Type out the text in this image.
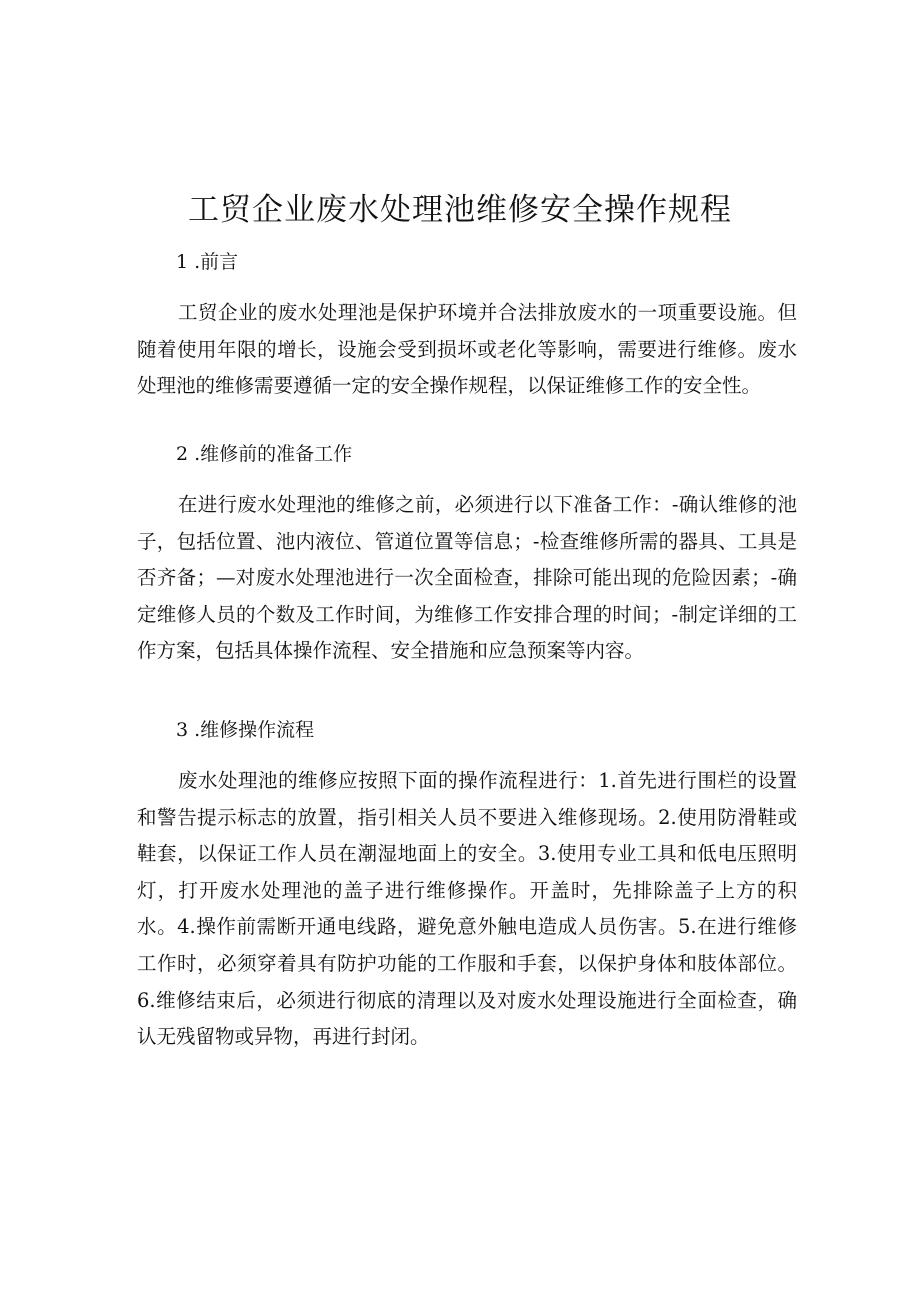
工贸企业废水处理池维修安全操作规程
1 .前言

工贸企业的废水处理池是保护环境并合法排放废水的一项重要设施。但随着使用年限的增长，设施会受到损坏或老化等影响，需要进行维修。废水处理池的维修需要遵循一定的安全操作规程，以保证维修工作的安全性。

2 .维修前的准备工作

在进行废水处理池的维修之前，必须进行以下准备工作：-确认维修的池子，包括位置、池内液位、管道位置等信息；-检查维修所需的器具、工具是否齐备；—对废水处理池进行一次全面检查，排除可能出现的危险因素；-确定维修人员的个数及工作时间，为维修工作安排合理的时间；-制定详细的工作方案，包括具体操作流程、安全措施和应急预案等内容。

3 .维修操作流程

废水处理池的维修应按照下面的操作流程进行：1.首先进行围栏的设置和警告提示标志的放置，指引相关人员不要进入维修现场。2.使用防滑鞋或鞋套，以保证工作人员在潮湿地面上的安全。3.使用专业工具和低电压照明灯，打开废水处理池的盖子进行维修操作。开盖时，先排除盖子上方的积水。4.操作前需断开通电线路，避免意外触电造成人员伤害。5.在进行维修工作时，必须穿着具有防护功能的工作服和手套，以保护身体和肢体部位。6.维修结束后，必须进行彻底的清理以及对废水处理设施进行全面检查，确认无残留物或异物，再进行封闭。
